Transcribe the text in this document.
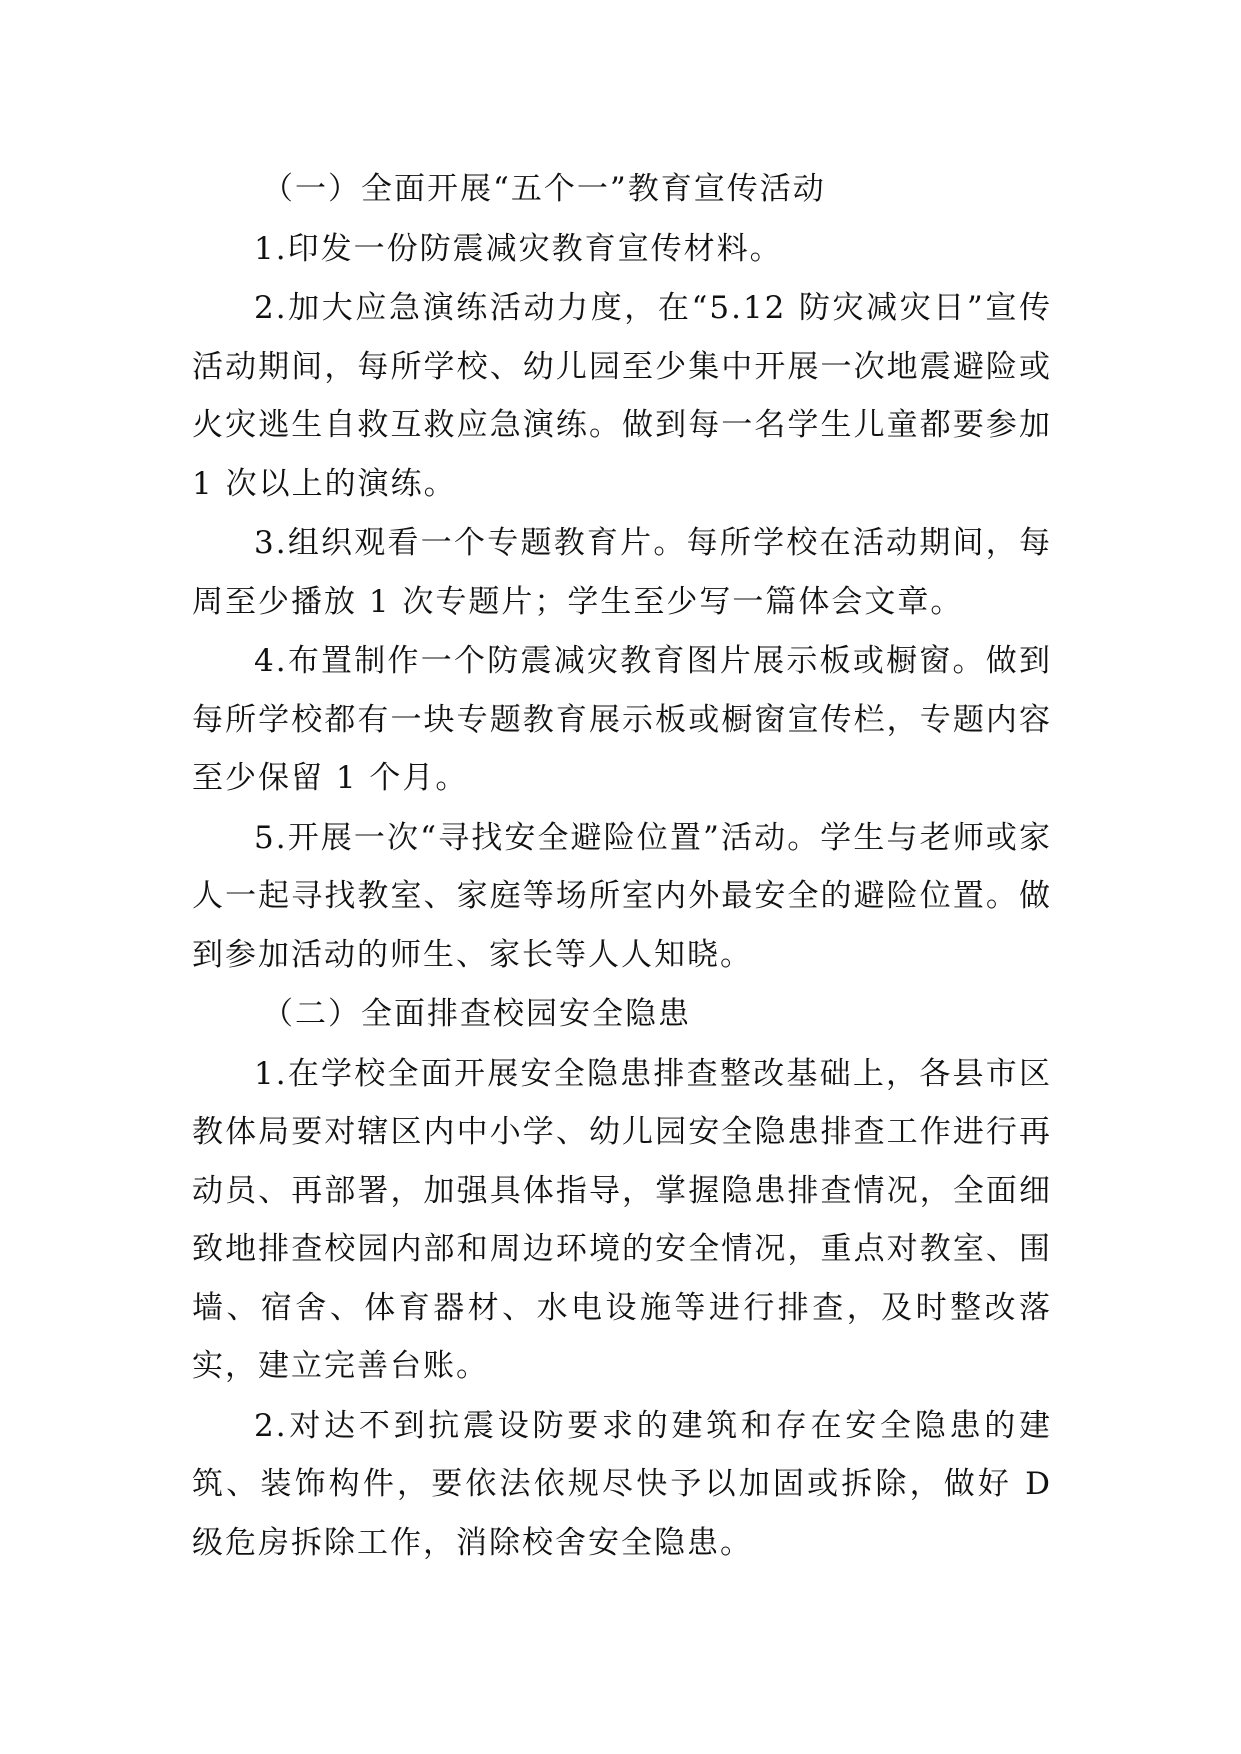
（一）全面开展“五个一”教育宣传活动

1.印发一份防震减灾教育宣传材料。

2.加大应急演练活动力度，在“5.12 防灾减灾日”宣传活动期间，每所学校、幼儿园至少集中开展一次地震避险或火灾逃生自救互救应急演练。做到每一名学生儿童都要参加 1 次以上的演练。

3.组织观看一个专题教育片。每所学校在活动期间，每周至少播放 1 次专题片；学生至少写一篇体会文章。

4.布置制作一个防震减灾教育图片展示板或橱窗。做到每所学校都有一块专题教育展示板或橱窗宣传栏，专题内容至少保留 1 个月。

5.开展一次“寻找安全避险位置”活动。学生与老师或家人一起寻找教室、家庭等场所室内外最安全的避险位置。做到参加活动的师生、家长等人人知晓。

（二）全面排查校园安全隐患

1.在学校全面开展安全隐患排查整改基础上，各县市区教体局要对辖区内中小学、幼儿园安全隐患排查工作进行再动员、再部署，加强具体指导，掌握隐患排查情况，全面细致地排查校园内部和周边环境的安全情况，重点对教室、围墙、宿舍、体育器材、水电设施等进行排查，及时整改落实，建立完善台账。

2.对达不到抗震设防要求的建筑和存在安全隐患的建筑、装饰构件，要依法依规尽快予以加固或拆除，做好 D 级危房拆除工作，消除校舍安全隐患。
